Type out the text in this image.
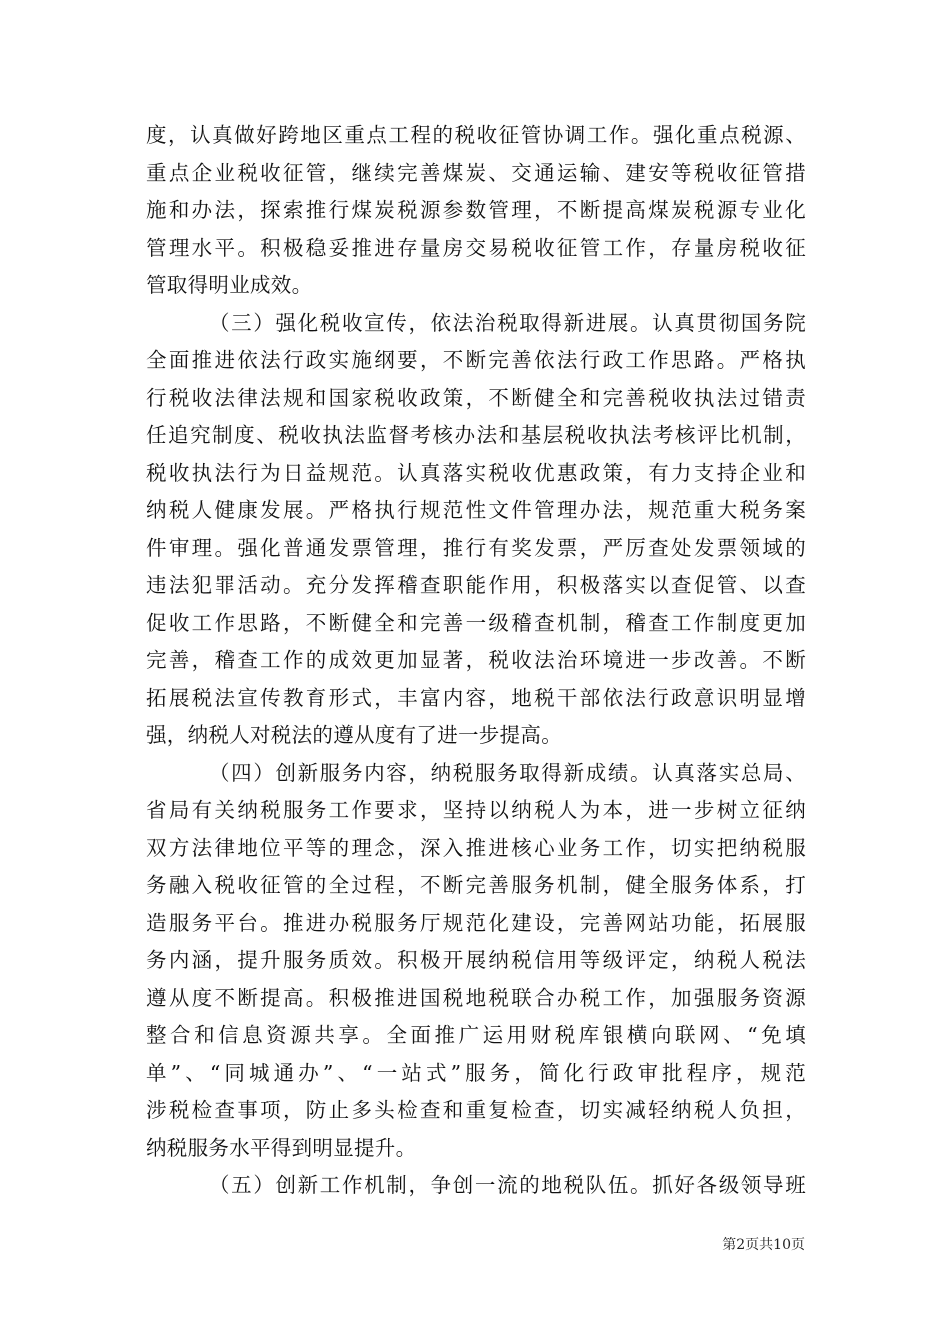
度，认真做好跨地区重点工程的税收征管协调工作。强化重点税源、
重点企业税收征管，继续完善煤炭、交通运输、建安等税收征管措
施和办法，探索推行煤炭税源参数管理，不断提高煤炭税源专业化
管理水平。积极稳妥推进存量房交易税收征管工作，存量房税收征
管取得明业成效。
（三）强化税收宣传，依法治税取得新进展。认真贯彻国务院
全面推进依法行政实施纲要，不断完善依法行政工作思路。严格执
行税收法律法规和国家税收政策，不断健全和完善税收执法过错责
任追究制度、税收执法监督考核办法和基层税收执法考核评比机制，
税收执法行为日益规范。认真落实税收优惠政策，有力支持企业和
纳税人健康发展。严格执行规范性文件管理办法，规范重大税务案
件审理。强化普通发票管理，推行有奖发票，严厉查处发票领域的
违法犯罪活动。充分发挥稽查职能作用，积极落实以查促管、以查
促收工作思路，不断健全和完善一级稽查机制，稽查工作制度更加
完善，稽查工作的成效更加显著，税收法治环境进一步改善。不断
拓展税法宣传教育形式，丰富内容，地税干部依法行政意识明显增
强，纳税人对税法的遵从度有了进一步提高。
（四）创新服务内容，纳税服务取得新成绩。认真落实总局、
省局有关纳税服务工作要求，坚持以纳税人为本，进一步树立征纳
双方法律地位平等的理念，深入推进核心业务工作，切实把纳税服
务融入税收征管的全过程，不断完善服务机制，健全服务体系，打
造服务平台。推进办税服务厅规范化建设，完善网站功能，拓展服
务内涵，提升服务质效。积极开展纳税信用等级评定，纳税人税法
遵从度不断提高。积极推进国税地税联合办税工作，加强服务资源
整合和信息资源共享。全面推广运用财税库银横向联网、“免填
单”、“同城通办”、“一站式”服务，简化行政审批程序，规范
涉税检查事项，防止多头检查和重复检查，切实减轻纳税人负担，
纳税服务水平得到明显提升。
（五）创新工作机制，争创一流的地税队伍。抓好各级领导班
第2页共10页
